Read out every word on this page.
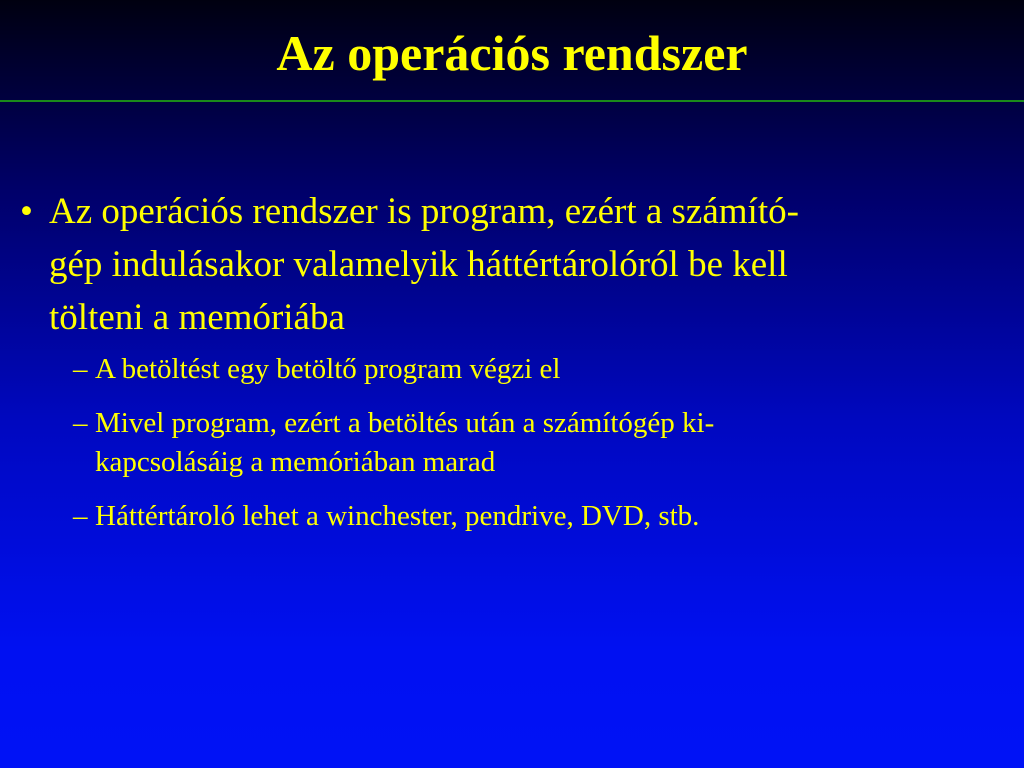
Az operációs rendszer
• Az operációs rendszer is program, ezért a számító-
gép indulásakor valamelyik háttértárolóról be kell
tölteni a memóriába
– A betöltést egy betöltő program végzi el
– Mivel program, ezért a betöltés után a számítógép ki-
kapcsolásáig a memóriában marad
– Háttértároló lehet a winchester, pendrive, DVD, stb.
